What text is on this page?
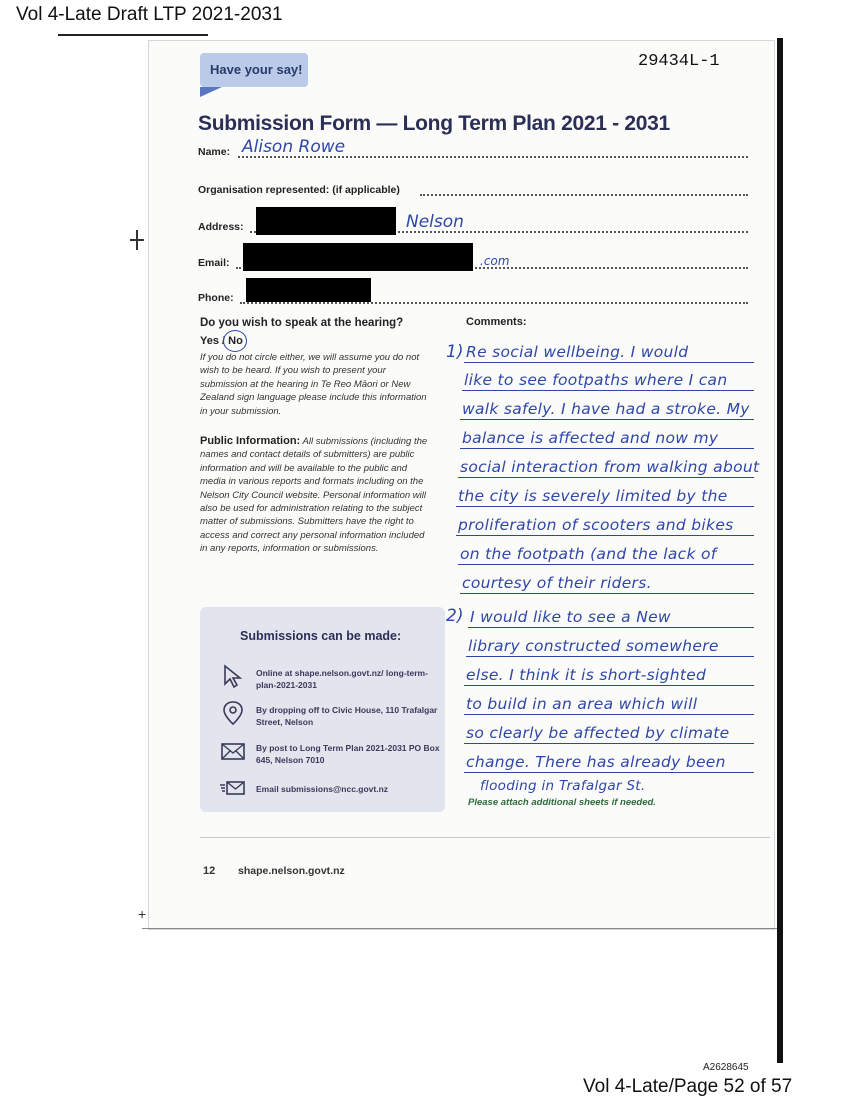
Vol 4-Late Draft LTP 2021-2031
Have your say!	29434L-1
Submission Form — Long Term Plan 2021 - 2031
Name: Alison Rowe
Organisation represented: (if applicable)
Address:	Nelson
Email:	.com
Phone:
Do you wish to speak at the hearing?
Yes / No
If you do not circle either, we will assume you do not wish to be heard. If you wish to present your submission at the hearing in Te Reo Māori or New Zealand sign language please include this information in your submission.
Public Information: All submissions (including the names and contact details of submitters) are public information and will be available to the public and media in various reports and formats including on the Nelson City Council website. Personal information will also be used for administration relating to the subject matter of submissions. Submitters have the right to access and correct any personal information included in any reports, information or submissions.
Submissions can be made:
Online at shape.nelson.govt.nz/ long-term-plan-2021-2031
By dropping off to Civic House, 110 Trafalgar Street, Nelson
By post to Long Term Plan 2021-2031 PO Box 645, Nelson 7010
Email submissions@ncc.govt.nz
Comments:
1)
2)
Re social wellbeing. I would
like to see footpaths where I can
walk safely. I have had a stroke. My
balance is affected and now my
social interaction from walking about
the city is severely limited by the
proliferation of scooters and bikes
on the footpath (and the lack of
courtesy of their riders.
I would like to see a New
library constructed somewhere
else. I think it is short-sighted
to build in an area which will
so clearly be affected by climate
change. There has already been
flooding in Trafalgar St.
Please attach additional sheets if needed.
12 shape.nelson.govt.nz
+
A2628645
Vol 4-Late/Page 52 of 57
